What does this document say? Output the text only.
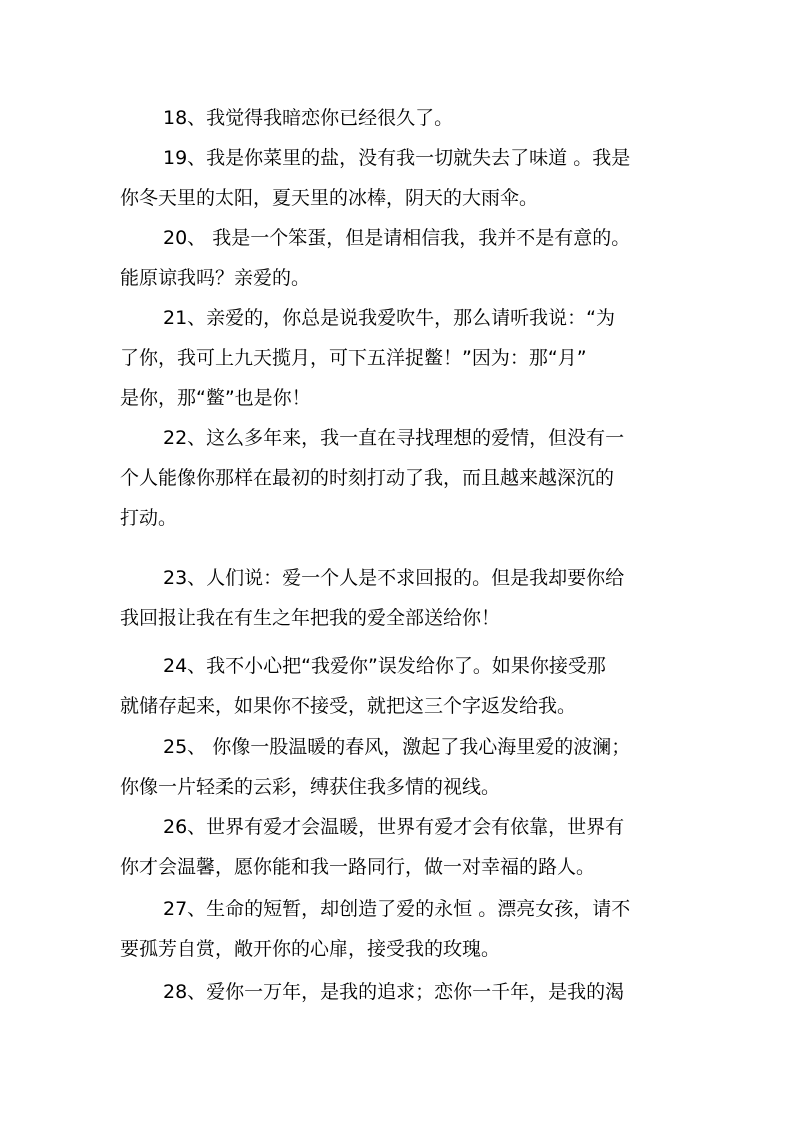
18、我觉得我暗恋你已经很久了。

19、我是你菜里的盐，没有我一切就失去了味道 。我是
你冬天里的太阳，夏天里的冰棒，阴天的大雨伞。

20、 我是一个笨蛋，但是请相信我，我并不是有意的。
能原谅我吗？亲爱的。

21、亲爱的，你总是说我爱吹牛，那么请听我说：“为
了你，我可上九天揽月，可下五洋捉鳖！”因为：那“月”
是你，那“鳖”也是你！

22、这么多年来，我一直在寻找理想的爱情，但没有一
个人能像你那样在最初的时刻打动了我，而且越来越深沉的
打动。

23、人们说：爱一个人是不求回报的。但是我却要你给
我回报让我在有生之年把我的爱全部送给你！

24、我不小心把“我爱你”误发给你了。如果你接受那
就储存起来，如果你不接受，就把这三个字返发给我。

25、 你像一股温暖的春风，激起了我心海里爱的波澜；
你像一片轻柔的云彩，缚获住我多情的视线。

26、世界有爱才会温暖，世界有爱才会有依靠，世界有
你才会温馨，愿你能和我一路同行，做一对幸福的路人。

27、生命的短暂，却创造了爱的永恒 。漂亮女孩，请不
要孤芳自赏，敞开你的心扉，接受我的玫瑰。

28、爱你一万年，是我的追求；恋你一千年，是我的渴
